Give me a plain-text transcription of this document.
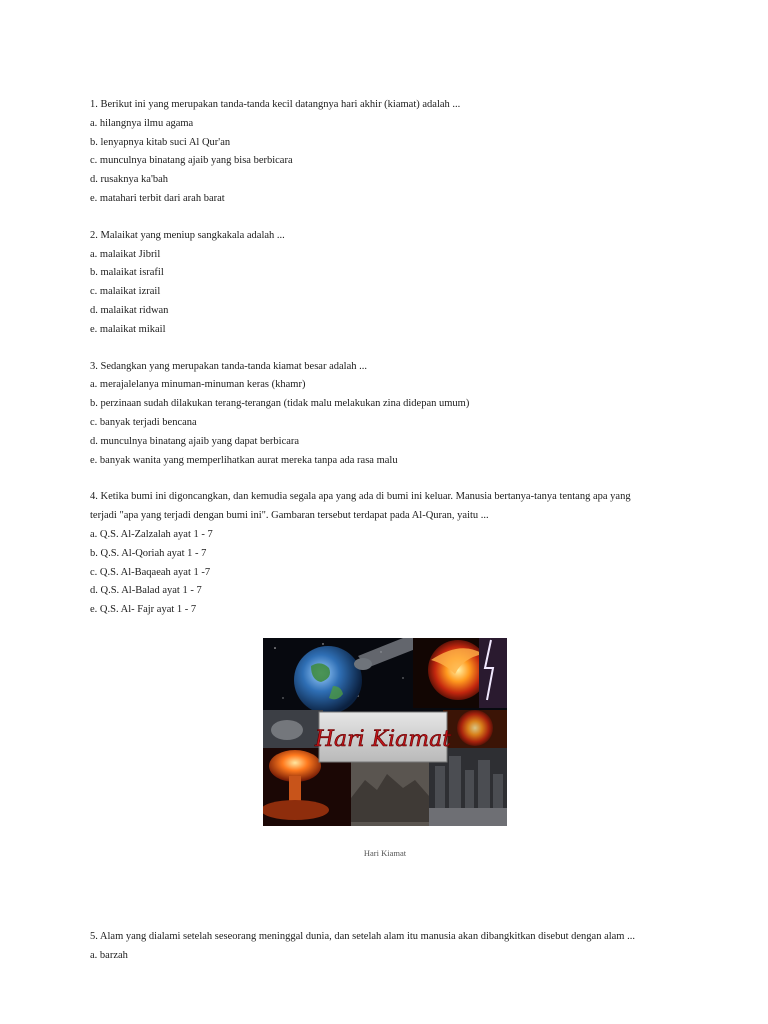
1. Berikut ini yang merupakan tanda-tanda kecil datangnya hari akhir (kiamat) adalah ...

a. hilangnya ilmu agama

b. lenyapnya kitab suci Al Qur'an

c. munculnya binatang ajaib yang bisa berbicara

d. rusaknya ka'bah

e. matahari terbit dari arah barat

2. Malaikat yang meniup sangkakala adalah ...

a. malaikat Jibril

b. malaikat israfil

c. malaikat izrail

d. malaikat ridwan

e. malaikat mikail

3. Sedangkan yang merupakan tanda-tanda kiamat besar adalah ...

a. merajalelanya minuman-minuman keras (khamr)

b. perzinaan sudah dilakukan terang-terangan (tidak malu melakukan zina didepan umum)

c. banyak terjadi bencana

d. munculnya binatang ajaib yang dapat berbicara

e. banyak wanita yang memperlihatkan aurat mereka tanpa ada rasa malu

4. Ketika bumi ini digoncangkan, dan kemudia segala apa yang ada di bumi ini keluar. Manusia bertanya-tanya tentang apa yang

terjadi "apa yang terjadi dengan bumi ini". Gambaran tersebut terdapat pada Al-Quran, yaitu ...

a. Q.S. Al-Zalzalah ayat 1 - 7

b. Q.S. Al-Qoriah ayat 1 - 7

c. Q.S. Al-Baqaeah ayat 1 -7

d. Q.S. Al-Balad ayat 1 - 7

e. Q.S. Al- Fajr ayat 1 - 7

Hari Kiamat
Hari Kiamat

5. Alam yang dialami setelah seseorang meninggal dunia, dan setelah alam itu manusia akan dibangkitkan disebut dengan alam ...

a. barzah
